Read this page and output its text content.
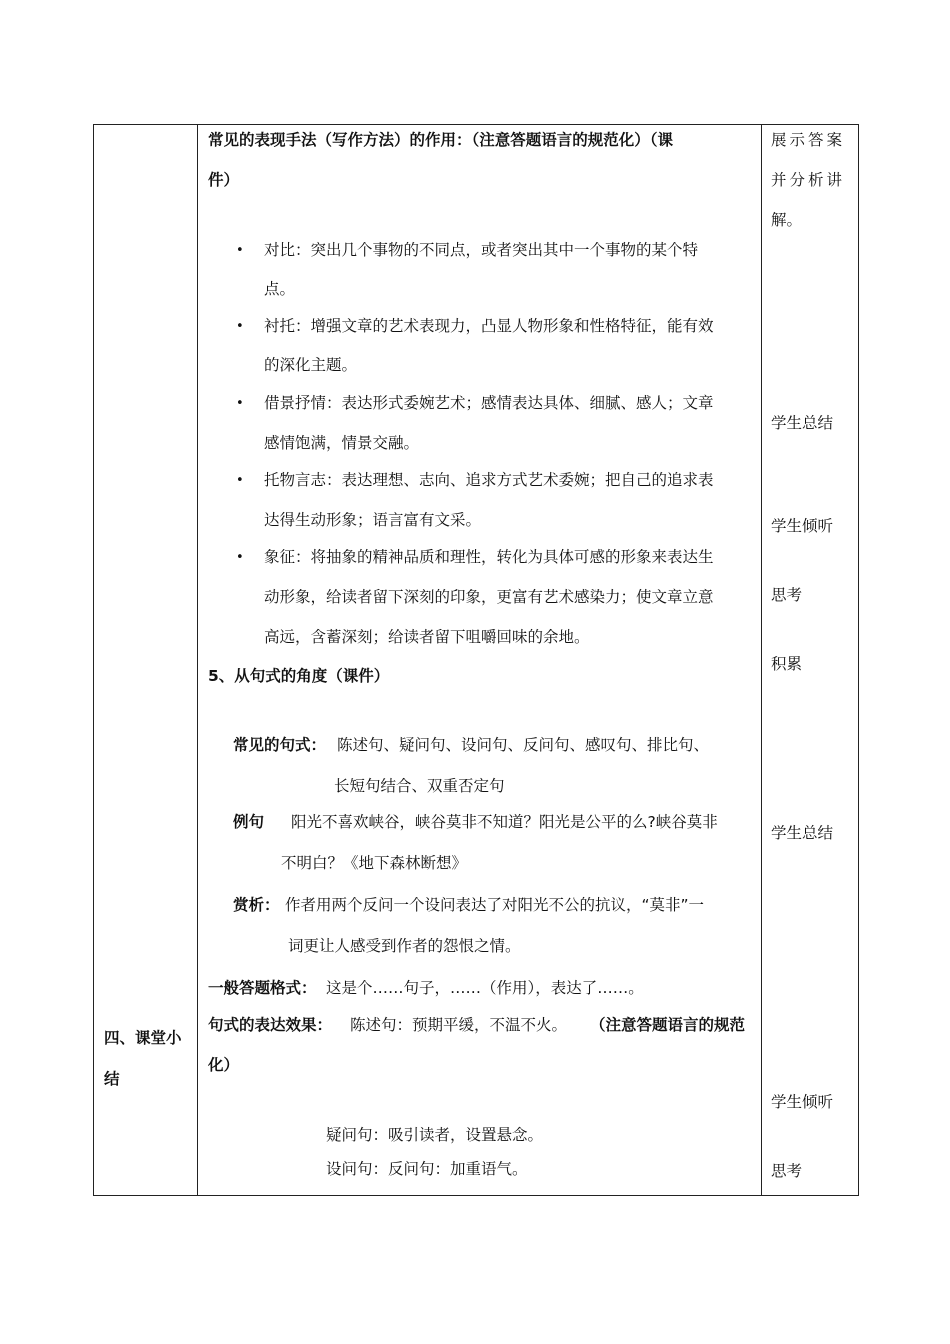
四、课堂小
结

常见的表现手法（写作方法）的作用：（注意答题语言的规范化）（课
件）
• 对比：突出几个事物的不同点，或者突出其中一个事物的某个特
点。
• 衬托：增强文章的艺术表现力，凸显人物形象和性格特征，能有效
的深化主题。
• 借景抒情：表达形式委婉艺术；感情表达具体、细腻、感人；文章
感情饱满，情景交融。
• 托物言志：表达理想、志向、追求方式艺术委婉；把自己的追求表
达得生动形象；语言富有文采。
• 象征：将抽象的精神品质和理性，转化为具体可感的形象来表达生
动形象，给读者留下深刻的印象，更富有艺术感染力；使文章立意
高远，含蓄深刻；给读者留下咀嚼回味的余地。
5、从句式的角度（课件）
常见的句式： 陈述句、疑问句、设问句、反问句、感叹句、排比句、
长短句结合、双重否定句
例句 阳光不喜欢峡谷，峡谷莫非不知道？阳光是公平的么?峡谷莫非
不明白？《地下森林断想》
赏析： 作者用两个反问一个设问表达了对阳光不公的抗议，“莫非”一
词更让人感受到作者的怨恨之情。
一般答题格式： 这是个……句子，……（作用），表达了……。
句式的表达效果： 陈述句：预期平缓，不温不火。 （注意答题语言的规范
化）
疑问句：吸引读者，设置悬念。
设问句：反问句：加重语气。

展示答案
并分析讲
解。
学生总结
学生倾听
思考
积累
学生总结
学生倾听
思考
